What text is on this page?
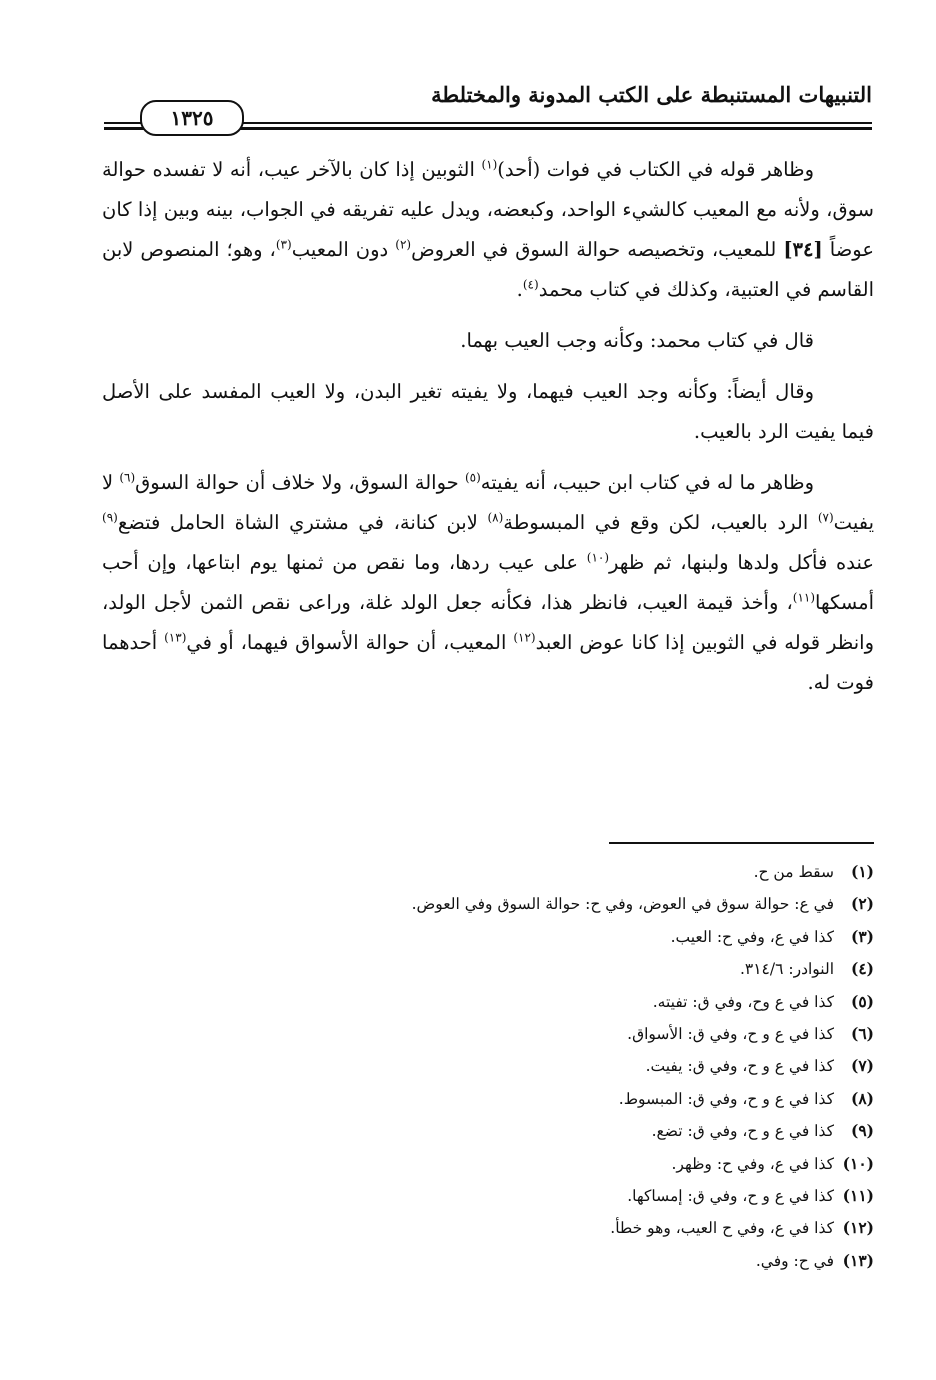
التنبيهات المستنبطة على الكتب المدونة والمختلطة
١٣٢٥

وظاهر قوله في الكتاب في فوات (أحد)$^{(١)}$ الثوبين إذا كان بالآخر عيب، أنه لا تفسده حوالة سوق، ولأنه مع المعيب كالشيء الواحد، وكبعضه، ويدل عليه تفريقه في الجواب، بينه وبين إذا كان عوضاً [٣٤] للمعيب، وتخصيصه حوالة السوق في العروض$^{(٢)}$ دون المعيب$^{(٣)}$، وهو؛ المنصوص لابن القاسم في العتبية، وكذلك في كتاب محمد$^{(٤)}$.

قال في كتاب محمد: وكأنه وجب العيب بهما.

وقال أيضاً: وكأنه وجد العيب فيهما، ولا يفيته تغير البدن، ولا العيب المفسد على الأصل فيما يفيت الرد بالعيب.

وظاهر ما له في كتاب ابن حبيب، أنه يفيته$^{(٥)}$ حوالة السوق، ولا خلاف أن حوالة السوق$^{(٦)}$ لا يفيت$^{(٧)}$ الرد بالعيب، لكن وقع في المبسوطة$^{(٨)}$ لابن كنانة، في مشتري الشاة الحامل فتضع$^{(٩)}$ عنده فأكل ولدها ولبنها، ثم ظهر$^{(١٠)}$ على عيب ردها، وما نقص من ثمنها يوم ابتاعها، وإن أحب أمسكها$^{(١١)}$، وأخذ قيمة العيب، فانظر هذا، فكأنه جعل الولد غلة، وراعى نقص الثمن لأجل الولد، وانظر قوله في الثوبين إذا كانا عوض العبد$^{(١٢)}$ المعيب، أن حوالة الأسواق فيهما، أو في$^{(١٣)}$ أحدهما فوت له.

(١)سقط من ح.
(٢)في ع: حوالة سوق في العوض، وفي ح: حوالة السوق وفي العوض.
(٣)كذا في ع، وفي ح: العيب.
(٤)النوادر: ٣١٤/٦.
(٥)كذا في ع وح، وفي ق: تفيته.
(٦)كذا في ع و ح، وفي ق: الأسواق.
(٧)كذا في ع و ح، وفي ق: يفيت.
(٨)كذا في ع و ح، وفي ق: المبسوط.
(٩)كذا في ع و ح، وفي ق: تضع.
(١٠)كذا في ع، وفي ح: وظهر.
(١١)كذا في ع و ح، وفي ق: إمساكها.
(١٢)كذا في ع، وفي ح العيب، وهو خطأ.
(١٣)في ح: وفي.
